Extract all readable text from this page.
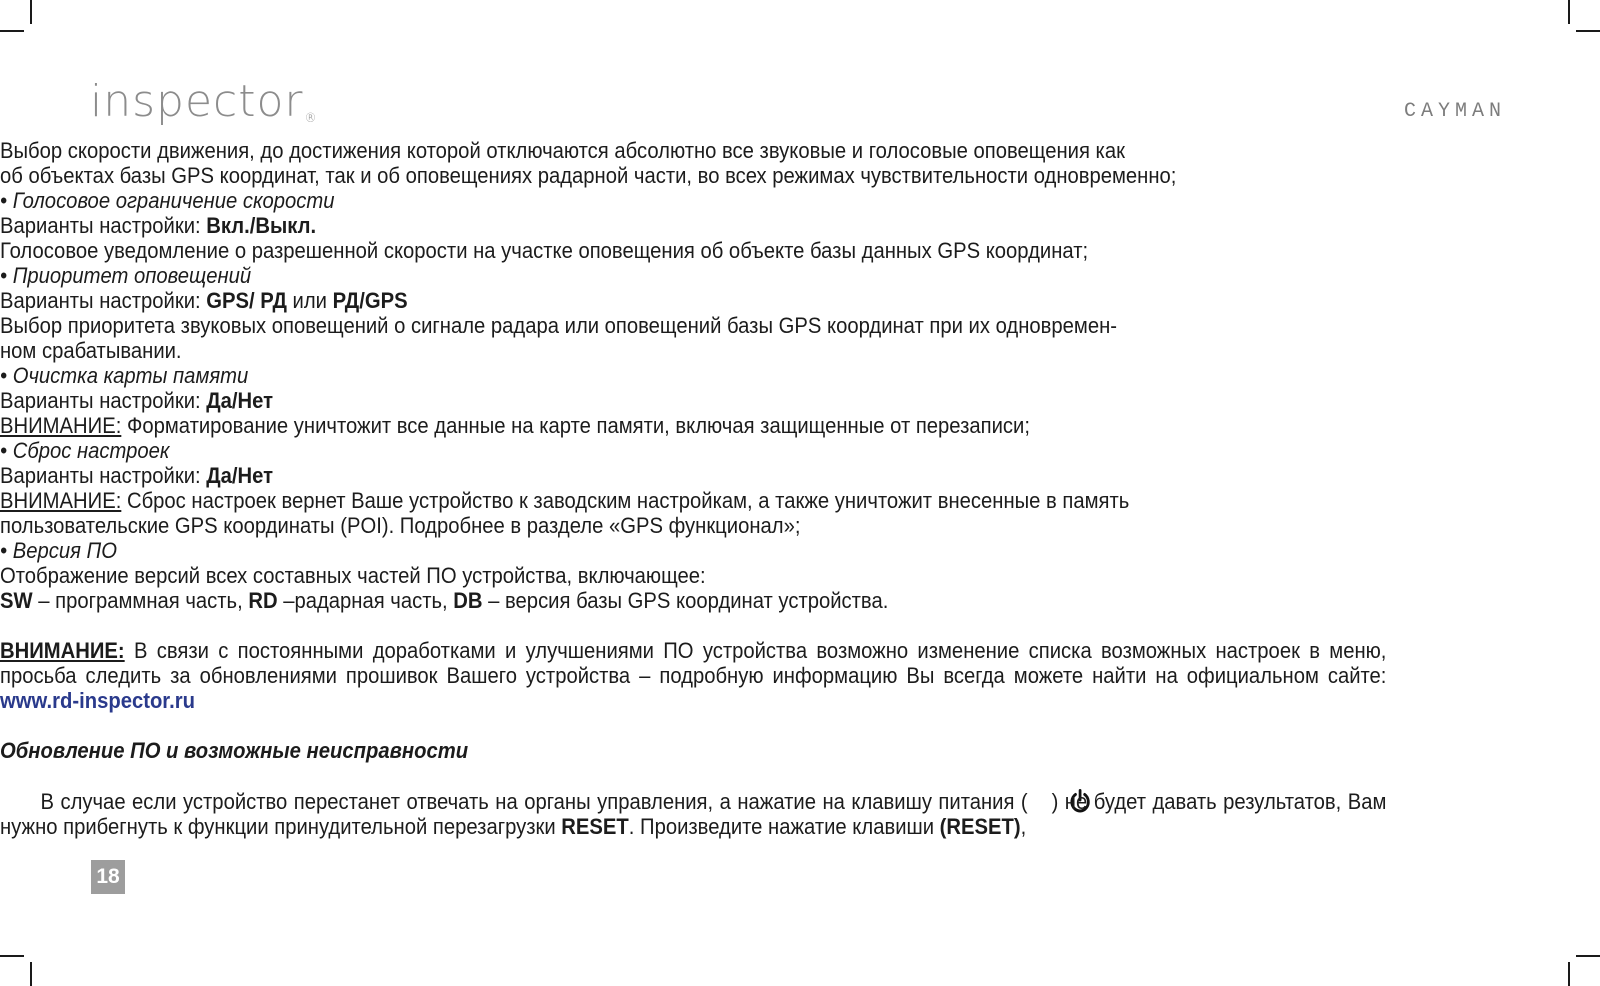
inspector®	CAYMAN

Выбор скорости движения, до достижения которой отключаются абсолютно все звуковые и голосовые оповещения как

об объектах базы GPS координат, так и об оповещениях радарной части, во всех режимах чувствительности одновременно;

• Голосовое ограничение скорости

Варианты настройки: Вкл./Выкл.

Голосовое уведомление о разрешенной скорости на участке оповещения об объекте базы данных GPS координат;

• Приоритет оповещений

Варианты настройки: GPS/ РД или РД/GPS

Выбор приоритета звуковых оповещений о сигнале радара или оповещений базы GPS координат при их одновремен-

ном срабатывании.

• Очистка карты памяти

Варианты настройки: Да/Нет

ВНИМАНИЕ: Форматирование уничтожит все данные на карте памяти, включая защищенные от перезаписи;

• Сброс настроек

Варианты настройки: Да/Нет

ВНИМАНИЕ: Сброс настроек вернет Ваше устройство к заводским настройкам, а также уничтожит внесенные в память

пользовательские GPS координаты (POI). Подробнее в разделе «GPS функционал»;

• Версия ПО

Отображение версий всех составных частей ПО устройства, включающее:

SW – программная часть, RD –радарная часть, DB – версия базы GPS координат устройства.

ВНИМАНИЕ: В связи с постоянными доработками и улучшениями ПО устройства возможно изменение списка возможных настроек в меню, просьба следить за обновлениями прошивок Вашего устройства – подробную информацию Вы всегда можете найти на официальном сайте: www.rd-inspector.ru

Обновление ПО и возможные неисправности

В случае если устройство перестанет отвечать на органы управления, а нажатие на клавишу питания ( ) не будет давать результатов, Вам нужно прибегнуть к функции принудительной перезагрузки RESET. Произведите нажатие клавиши (RESET),

18
